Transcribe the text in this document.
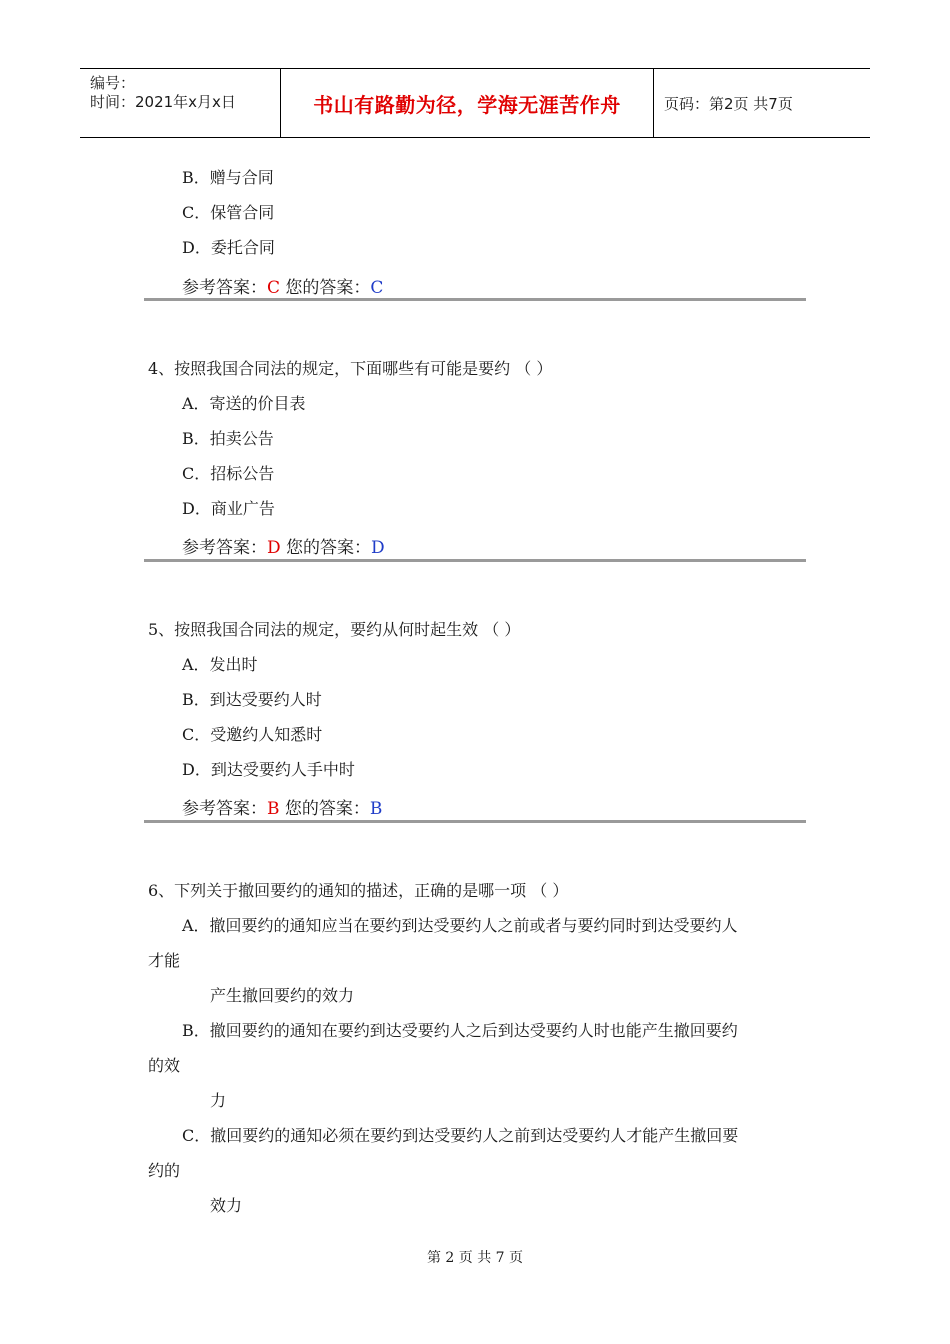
编号：
时间：2021年x月x日	书山有路勤为径，学海无涯苦作舟	页码：第2页 共7页
B．赠与合同
C．保管合同
D．委托合同
参考答案：C 您的答案：C
4、按照我国合同法的规定，下面哪些有可能是要约 （ ）
A．寄送的价目表
B．拍卖公告
C．招标公告
D．商业广告
参考答案：D 您的答案：D
5、按照我国合同法的规定，要约从何时起生效 （ ）
A．发出时
B．到达受要约人时
C．受邀约人知悉时
D．到达受要约人手中时
参考答案：B 您的答案：B
6、下列关于撤回要约的通知的描述，正确的是哪一项 （ ）
A．撤回要约的通知应当在要约到达受要约人之前或者与要约同时到达受要约人
才能
产生撤回要约的效力
B．撤回要约的通知在要约到达受要约人之后到达受要约人时也能产生撤回要约
的效
力
C．撤回要约的通知必须在要约到达受要约人之前到达受要约人才能产生撤回要
约的
效力
第 2 页 共 7 页
